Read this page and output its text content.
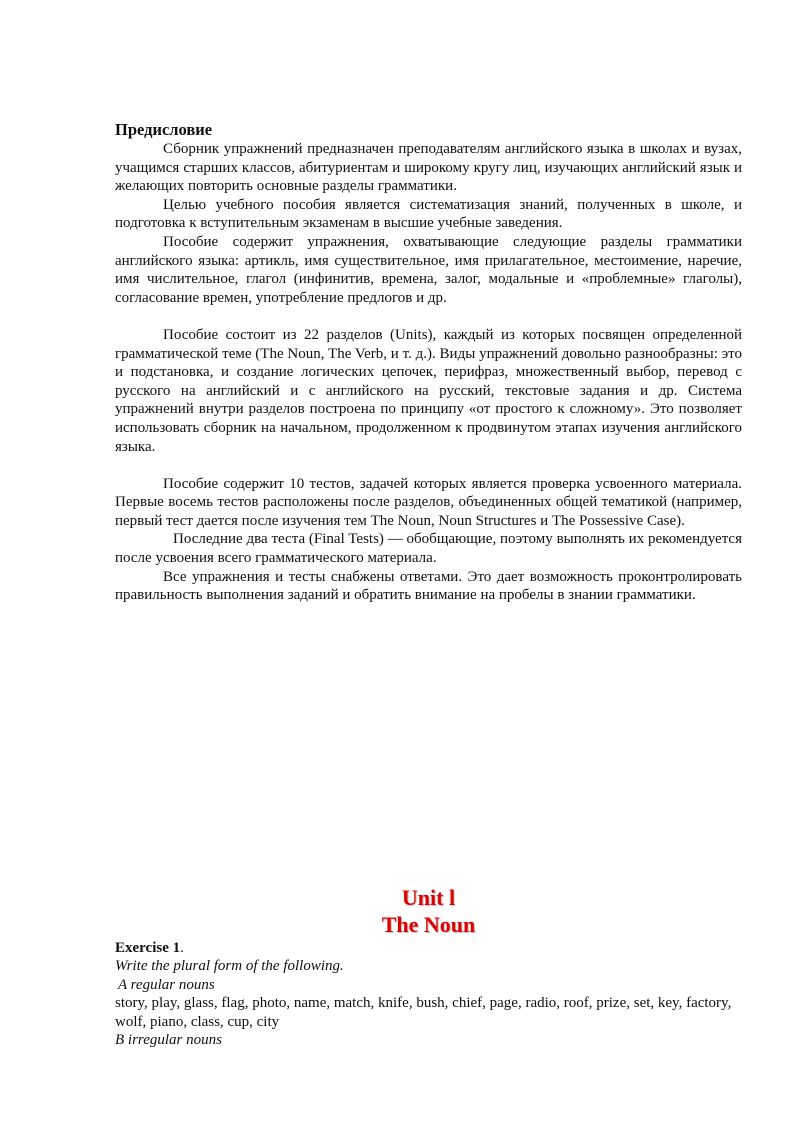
Предисловие

Сборник упражнений предназначен преподавателям английского языка в школах и вузах, учащимся старших классов, абитуриентам и широкому кругу лиц, изучающих английский язык и желающих повторить основные разделы грамматики.

Целью учебного пособия является систематизация знаний, полученных в школе, и подготовка к вступительным экзаменам в высшие учебные заведения.

Пособие содержит упражнения, охватывающие следующие разделы грамматики английского языка: артикль, имя существительное, имя прилагательное, местоимение, наречие, имя числительное, глагол (инфинитив, времена, залог, модальные и «проблемные» глаголы), согласование времен, употребление предлогов и др.

Пособие состоит из 22 разделов (Units), каждый из которых посвящен определенной грамматической теме (The Noun, The Verb, и т. д.). Виды упражнений довольно разнообразны: это и подстановка, и создание логических цепочек, перифраз, множественный выбор, перевод с русского на английский и с английского на русский, текстовые задания и др. Система упражнений внутри разделов построена по принципу «от простого к сложному». Это позволяет использовать сборник на начальном, продолженном к продвинутом этапах изучения английского языка.

Пособие содержит 10 тестов, задачей которых является проверка усвоенного материала. Первые восемь тестов расположены после разделов, объединенных общей тематикой (например, первый тест дается после изучения тем The Noun, Noun Structures и The Possessive Case).

Последние два теста (Final Tests) — обобщающие, поэтому выполнять их рекомендуется после усвоения всего грамматического материала.

Все упражнения и тесты снабжены ответами. Это дает возможность проконтролировать правильность выполнения заданий и обратить внимание на пробелы в знании грамматики.

Unit l
The Noun

Exercise 1.

Write the plural form of the following.

A regular nouns

story, play, glass, flag, photo, name, match, knife, bush, chief, page, radio, roof, prize, set, key, factory, wolf, piano, class, cup, city

B irregular nouns
